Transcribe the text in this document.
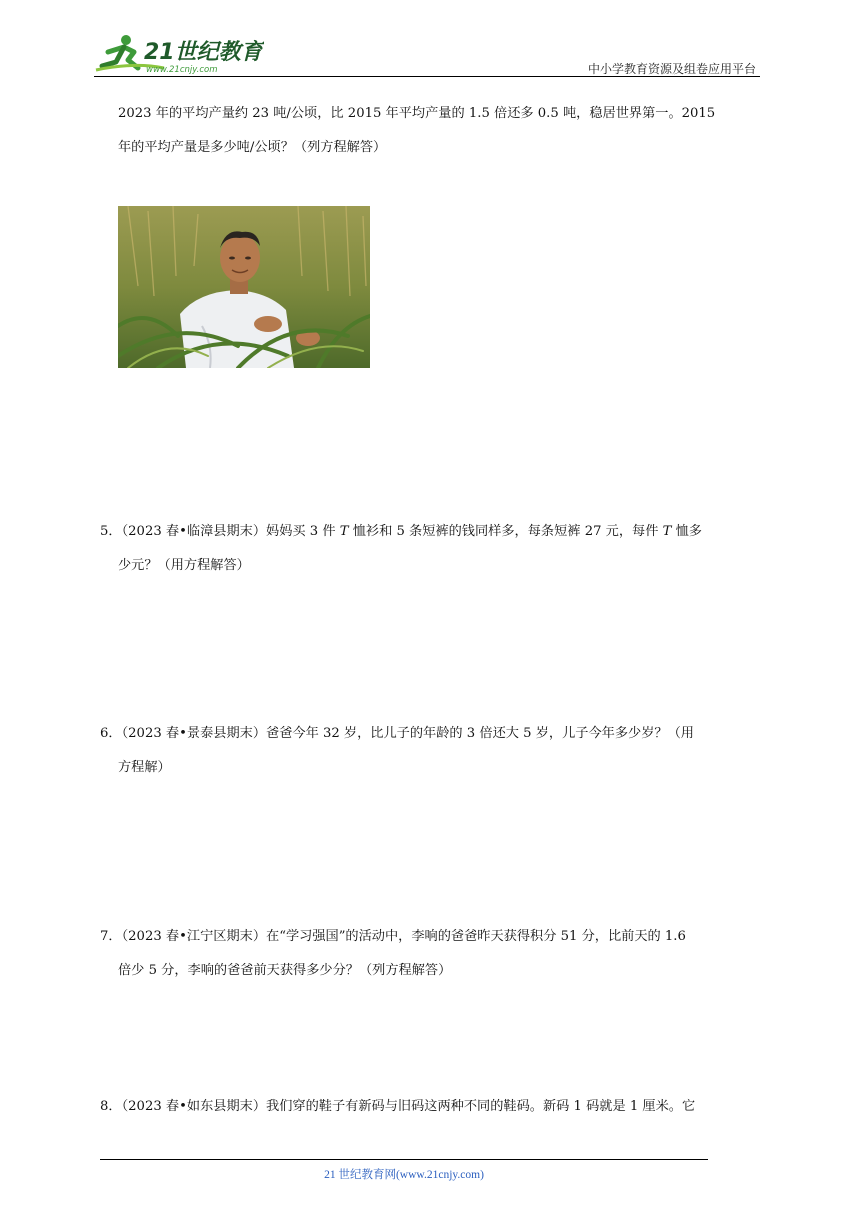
21世纪教育
www.21cnjy.com	中小学教育资源及组卷应用平台
2023 年的平均产量约 23 吨/公顷，比 2015 年平均产量的 1.5 倍还多 0.5 吨，稳居世界第一。2015
年的平均产量是多少吨/公顷？（列方程解答）
5．（2023 春•临漳县期末）妈妈买 3 件 T 恤衫和 5 条短裤的钱同样多，每条短裤 27 元，每件 T 恤多
少元？（用方程解答）
6．（2023 春•景泰县期末）爸爸今年 32 岁，比儿子的年龄的 3 倍还大 5 岁，儿子今年多少岁？（用
方程解）
7．（2023 春•江宁区期末）在“学习强国”的活动中，李响的爸爸昨天获得积分 51 分，比前天的 1.6
倍少 5 分，李响的爸爸前天获得多少分？（列方程解答）
8．（2023 春•如东县期末）我们穿的鞋子有新码与旧码这两种不同的鞋码。新码 1 码就是 1 厘米。它
21 世纪教育网(www.21cnjy.com)
